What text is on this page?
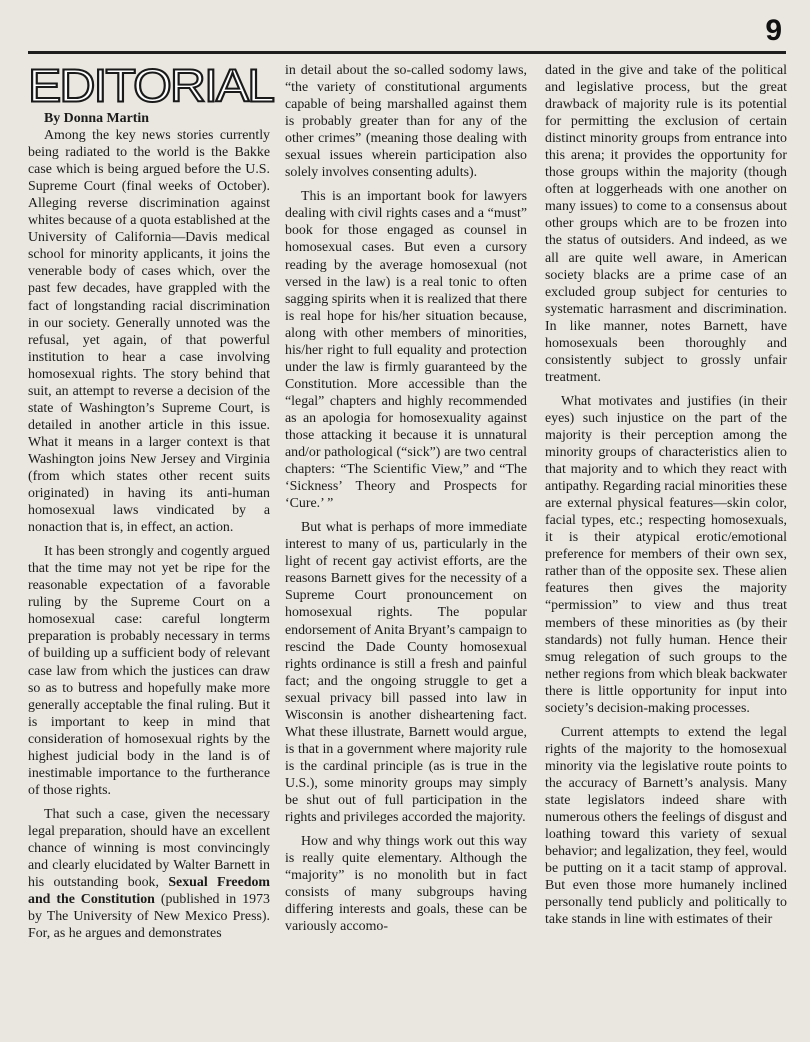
9
EDITORIAL

By Donna Martin

Among the key news stories currently being radiated to the world is the Bakke case which is being argued before the U.S. Supreme Court (final weeks of October). Alleging reverse discrimination against whites because of a quota established at the University of California—Davis medical school for minority applicants, it joins the venerable body of cases which, over the past few decades, have grappled with the fact of longstanding racial discrimination in our society. Generally unnoted was the refusal, yet again, of that powerful institution to hear a case involving homosexual rights. The story behind that suit, an attempt to reverse a decision of the state of Washington’s Supreme Court, is detailed in another article in this issue. What it means in a larger context is that Washington joins New Jersey and Virginia (from which states other recent suits originated) in having its anti-human homosexual laws vindicated by a nonaction that is, in effect, an action.

It has been strongly and cogently argued that the time may not yet be ripe for the reasonable expectation of a favorable ruling by the Supreme Court on a homosexual case: careful longterm preparation is probably necessary in terms of building up a sufficient body of relevant case law from which the justices can draw so as to butress and hopefully make more generally acceptable the final ruling. But it is important to keep in mind that consideration of homosexual rights by the highest judicial body in the land is of inestimable importance to the furtherance of those rights.

That such a case, given the necessary legal preparation, should have an excellent chance of winning is most convincingly and clearly elucidated by Walter Barnett in his outstanding book, Sexual Freedom and the Constitution (published in 1973 by The University of New Mexico Press). For, as he argues and demonstrates

in detail about the so-called sodomy laws, “the variety of constitutional arguments capable of being marshalled against them is probably greater than for any of the other crimes” (meaning those dealing with sexual issues wherein participation also solely involves consenting adults).

This is an important book for lawyers dealing with civil rights cases and a “must” book for those engaged as counsel in homosexual cases. But even a cursory reading by the average homosexual (not versed in the law) is a real tonic to often sagging spirits when it is realized that there is real hope for his/her situation because, along with other members of minorities, his/her right to full equality and protection under the law is firmly guaranteed by the Constitution. More accessible than the “legal” chapters and highly recommended as an apologia for homosexuality against those attacking it because it is unnatural and/or pathological (“sick”) are two central chapters: “The Scientific View,” and “The ‘Sickness’ Theory and Prospects for ‘Cure.’ ”

But what is perhaps of more immediate interest to many of us, particularly in the light of recent gay activist efforts, are the reasons Barnett gives for the necessity of a Supreme Court pronouncement on homosexual rights. The popular endorsement of Anita Bryant’s campaign to rescind the Dade County homosexual rights ordinance is still a fresh and painful fact; and the ongoing struggle to get a sexual privacy bill passed into law in Wisconsin is another disheartening fact. What these illustrate, Barnett would argue, is that in a government where majority rule is the cardinal principle (as is true in the U.S.), some minority groups may simply be shut out of full participation in the rights and privileges accorded the majority.

How and why things work out this way is really quite elementary. Although the “majority” is no monolith but in fact consists of many subgroups having differing interests and goals, these can be variously accomo-

dated in the give and take of the political and legislative process, but the great drawback of majority rule is its potential for permitting the exclusion of certain distinct minority groups from entrance into this arena; it provides the opportunity for those groups within the majority (though often at loggerheads with one another on many issues) to come to a consensus about other groups which are to be frozen into the status of outsiders. And indeed, as we all are quite well aware, in American society blacks are a prime case of an excluded group subject for centuries to systematic harrasment and discrimination. In like manner, notes Barnett, have homosexuals been thoroughly and consistently subject to grossly unfair treatment.

What motivates and justifies (in their eyes) such injustice on the part of the majority is their perception among the minority groups of characteristics alien to that majority and to which they react with antipathy. Regarding racial minorities these are external physical features—skin color, facial types, etc.; respecting homosexuals, it is their atypical erotic/emotional preference for members of their own sex, rather than of the opposite sex. These alien features then gives the majority “permission” to view and thus treat members of these minorities as (by their standards) not fully human. Hence their smug relegation of such groups to the nether regions from which bleak backwater there is little opportunity for input into society’s decision-making processes.

Current attempts to extend the legal rights of the majority to the homosexual minority via the legislative route points to the accuracy of Barnett’s analysis. Many state legislators indeed share with numerous others the feelings of disgust and loathing toward this variety of sexual behavior; and legalization, they feel, would be putting on it a tacit stamp of approval. But even those more humanely inclined personally tend publicly and politically to take stands in line with estimates of their
